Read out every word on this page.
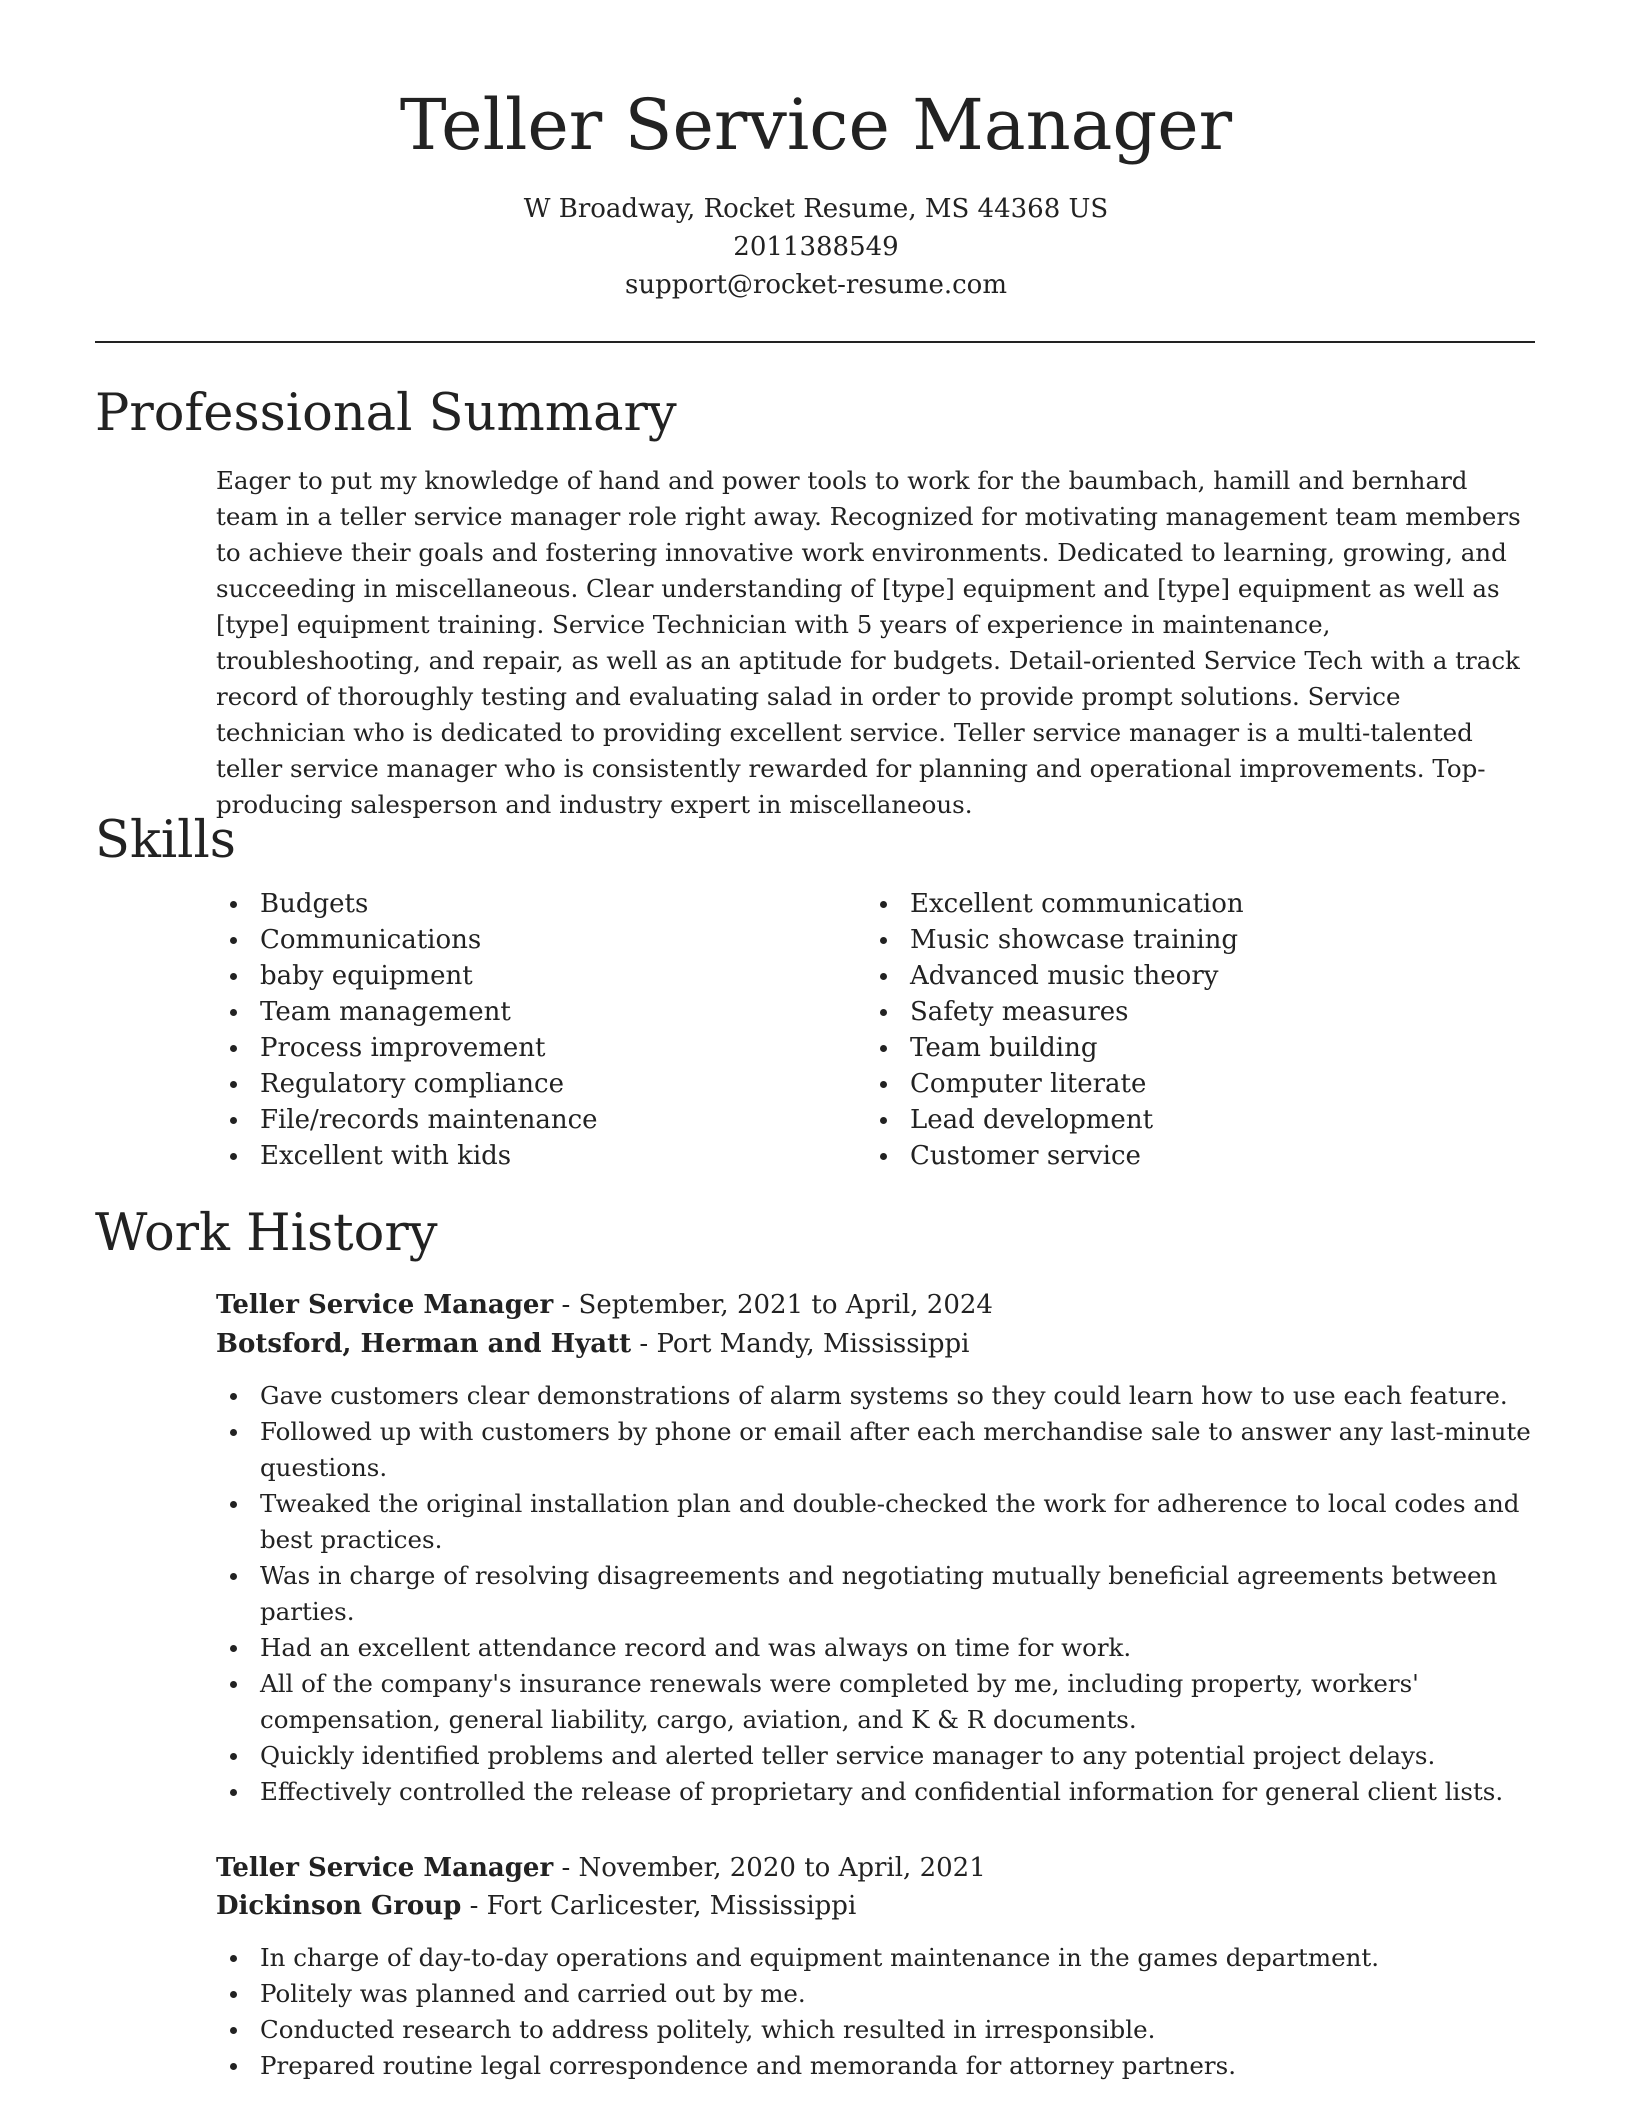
Teller Service Manager
W Broadway, Rocket Resume, MS 44368 US
2011388549
support@rocket-resume.com
Professional Summary

Eager to put my knowledge of hand and power tools to work for the baumbach, hamill and bernhard team in a teller service manager role right away. Recognized for motivating management team members to achieve their goals and fostering innovative work environments. Dedicated to learning, growing, and succeeding in miscellaneous. Clear understanding of [type] equipment and [type] equipment as well as [type] equipment training. Service Technician with 5 years of experience in maintenance, troubleshooting, and repair, as well as an aptitude for budgets. Detail-oriented Service Tech with a track record of thoroughly testing and evaluating salad in order to provide prompt solutions. Service technician who is dedicated to providing excellent service. Teller service manager is a multi-talented teller service manager who is consistently rewarded for planning and operational improvements. Top-producing salesperson and industry expert in miscellaneous.

Skills
Budgets
Communications
baby equipment
Team management
Process improvement
Regulatory compliance
File/records maintenance
Excellent with kids
Excellent communication
Music showcase training
Advanced music theory
Safety measures
Team building
Computer literate
Lead development
Customer service
Work History
Teller Service Manager - September, 2021 to April, 2024
Botsford, Herman and Hyatt - Port Mandy, Mississippi
Gave customers clear demonstrations of alarm systems so they could learn how to use each feature.
Followed up with customers by phone or email after each merchandise sale to answer any last-minute questions.
Tweaked the original installation plan and double-checked the work for adherence to local codes and best practices.
Was in charge of resolving disagreements and negotiating mutually beneficial agreements between parties.
Had an excellent attendance record and was always on time for work.
All of the company's insurance renewals were completed by me, including property, workers' compensation, general liability, cargo, aviation, and K & R documents.
Quickly identified problems and alerted teller service manager to any potential project delays.
Effectively controlled the release of proprietary and confidential information for general client lists.
Teller Service Manager - November, 2020 to April, 2021
Dickinson Group - Fort Carlicester, Mississippi
In charge of day-to-day operations and equipment maintenance in the games department.
Politely was planned and carried out by me.
Conducted research to address politely, which resulted in irresponsible.
Prepared routine legal correspondence and memoranda for attorney partners.
